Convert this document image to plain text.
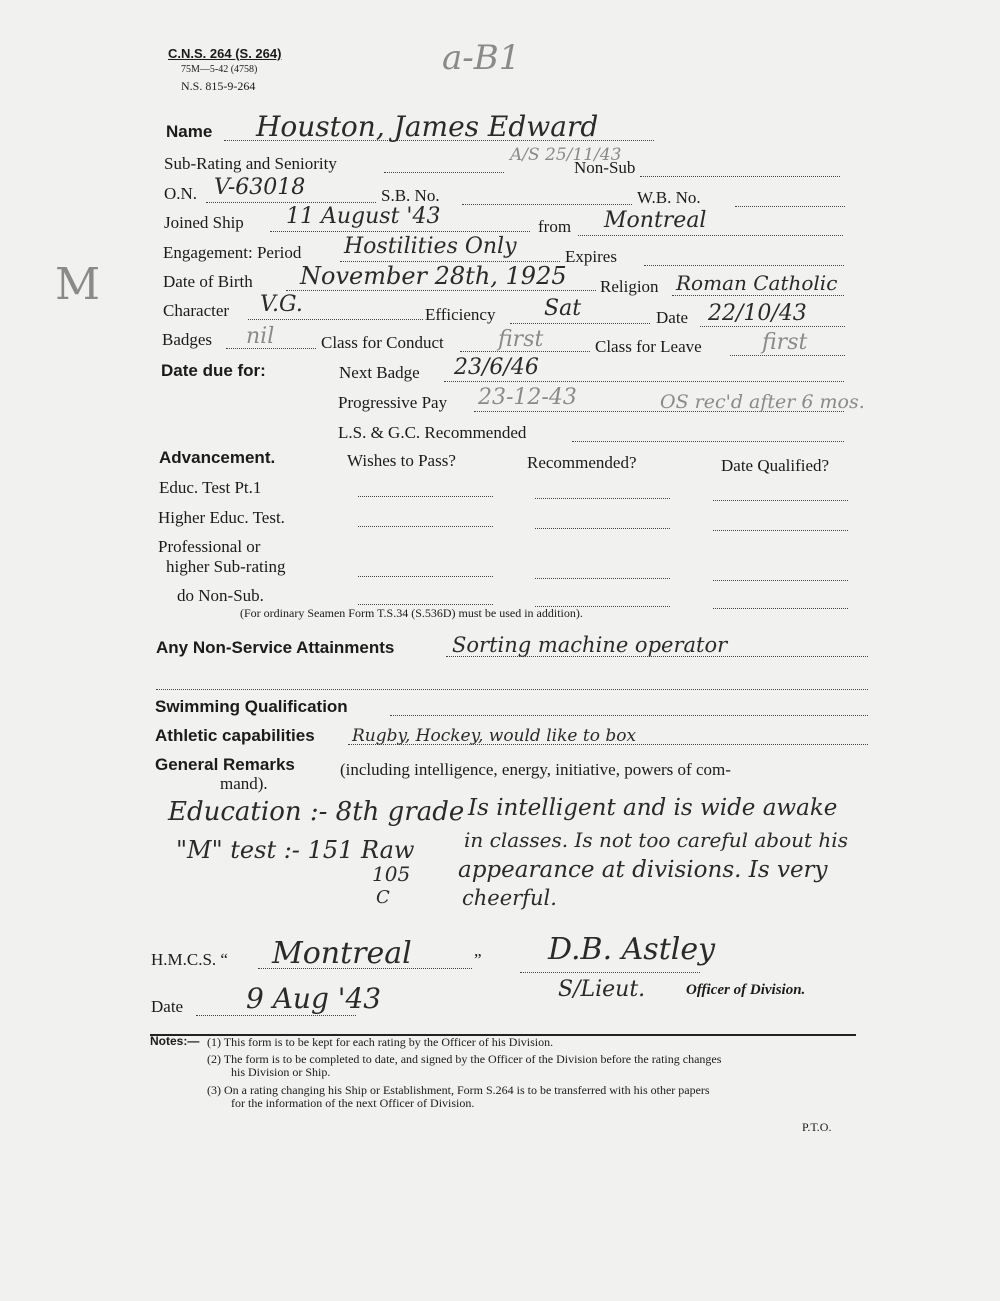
C.N.S. 264 (S. 264)
75M—5-42 (4758)
N.S. 815-9-264
a-B1
M
Name Houston, James Edward
Sub-Rating and Seniority	A/S 25/11/43
Non-Sub
O.N. V-63018	S.B. No.	W.B. No.
Joined Ship 11 August '43	from Montreal
Engagement: Period Hostilities Only	Expires
Date of Birth November 28th, 1925 Religion Roman Catholic
Character V.G.	Efficiency Sat	Date 22/10/43
Badges nil	Class for Conduct first	Class for Leave	first
Date due for:	Next Badge 23/6/46
Progressive Pay 23-12-43	OS rec'd after 6 mos.
L.S. & G.C. Recommended
Advancement.	Wishes to Pass?	Recommended?	Date Qualified?
Educ. Test Pt.1
Higher Educ. Test.
Professional or
higher Sub-rating
do Non-Sub.
(For ordinary Seamen Form T.S.34 (S.536D) must be used in addition).
Any Non-Service Attainments	Sorting machine operator
Swimming Qualification
Athletic capabilities Rugby, Hockey, would like to box
General Remarks	(including intelligence, energy, initiative, powers of com-
mand).
Education :- 8th grade
"M" test :- 151 Raw
105
C
Is intelligent and is wide awake
in classes. Is not too careful about his
appearance at divisions. Is very
cheerful.
H.M.C.S. “	”
Montreal	D.B. Astley
S/Lieut.	Officer of Division.
Date 9 Aug '43
Notes:— (1) This form is to be kept for each rating by the Officer of his Division.
(2) The form is to be completed to date, and signed by the Officer of the Division before the rating changes
his Division or Ship.
(3) On a rating changing his Ship or Establishment, Form S.264 is to be transferred with his other papers
for the information of the next Officer of Division.
P.T.O.
